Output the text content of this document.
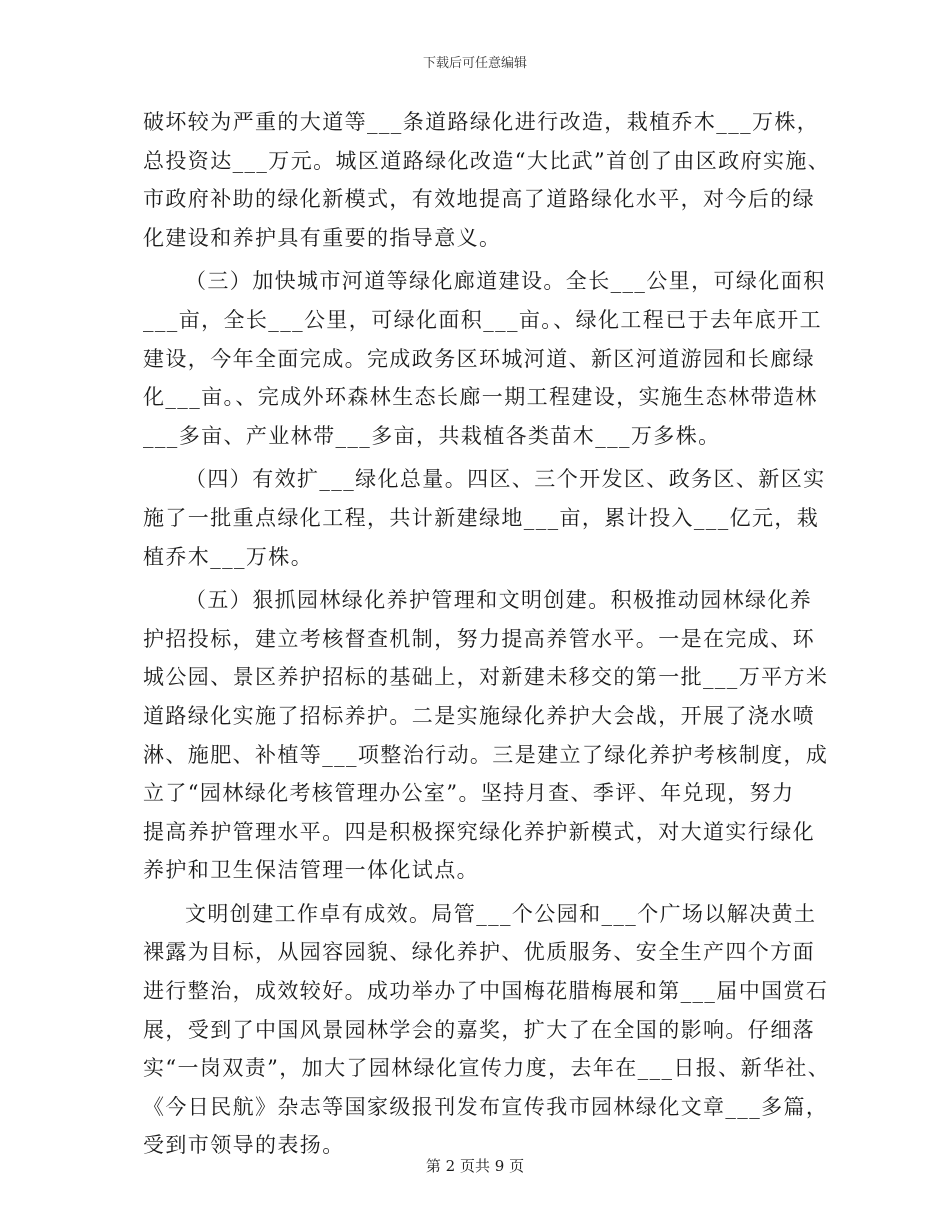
下载后可任意编辑

破坏较为严重的大道等___条道路绿化进行改造，栽植乔木___万株，
总投资达___万元。城区道路绿化改造“大比武”首创了由区政府实施、
市政府补助的绿化新模式，有效地提高了道路绿化水平，对今后的绿
化建设和养护具有重要的指导意义。

（三）加快城市河道等绿化廊道建设。全长___公里，可绿化面积
___亩，全长___公里，可绿化面积___亩。、绿化工程已于去年底开工
建设，今年全面完成。完成政务区环城河道、新区河道游园和长廊绿
化___亩。、完成外环森林生态长廊一期工程建设，实施生态林带造林
___多亩、产业林带___多亩，共栽植各类苗木___万多株。

（四）有效扩___绿化总量。四区、三个开发区、政务区、新区实
施了一批重点绿化工程，共计新建绿地___亩，累计投入___亿元，栽
植乔木___万株。

（五）狠抓园林绿化养护管理和文明创建。积极推动园林绿化养
护招投标，建立考核督查机制，努力提高养管水平。一是在完成、环
城公园、景区养护招标的基础上，对新建未移交的第一批___万平方米
道路绿化实施了招标养护。二是实施绿化养护大会战，开展了浇水喷
淋、施肥、补植等___项整治行动。三是建立了绿化养护考核制度，成
立了“园林绿化考核管理办公室”。坚持月查、季评、年兑现，努力
提高养护管理水平。四是积极探究绿化养护新模式，对大道实行绿化
养护和卫生保洁管理一体化试点。

文明创建工作卓有成效。局管___个公园和___个广场以解决黄土
裸露为目标，从园容园貌、绿化养护、优质服务、安全生产四个方面
进行整治，成效较好。成功举办了中国梅花腊梅展和第___届中国赏石
展，受到了中国风景园林学会的嘉奖，扩大了在全国的影响。仔细落
实“一岗双责”，加大了园林绿化宣传力度，去年在___日报、新华社、
《今日民航》杂志等国家级报刊发布宣传我市园林绿化文章___多篇，
受到市领导的表扬。

第 2 页共 9 页
